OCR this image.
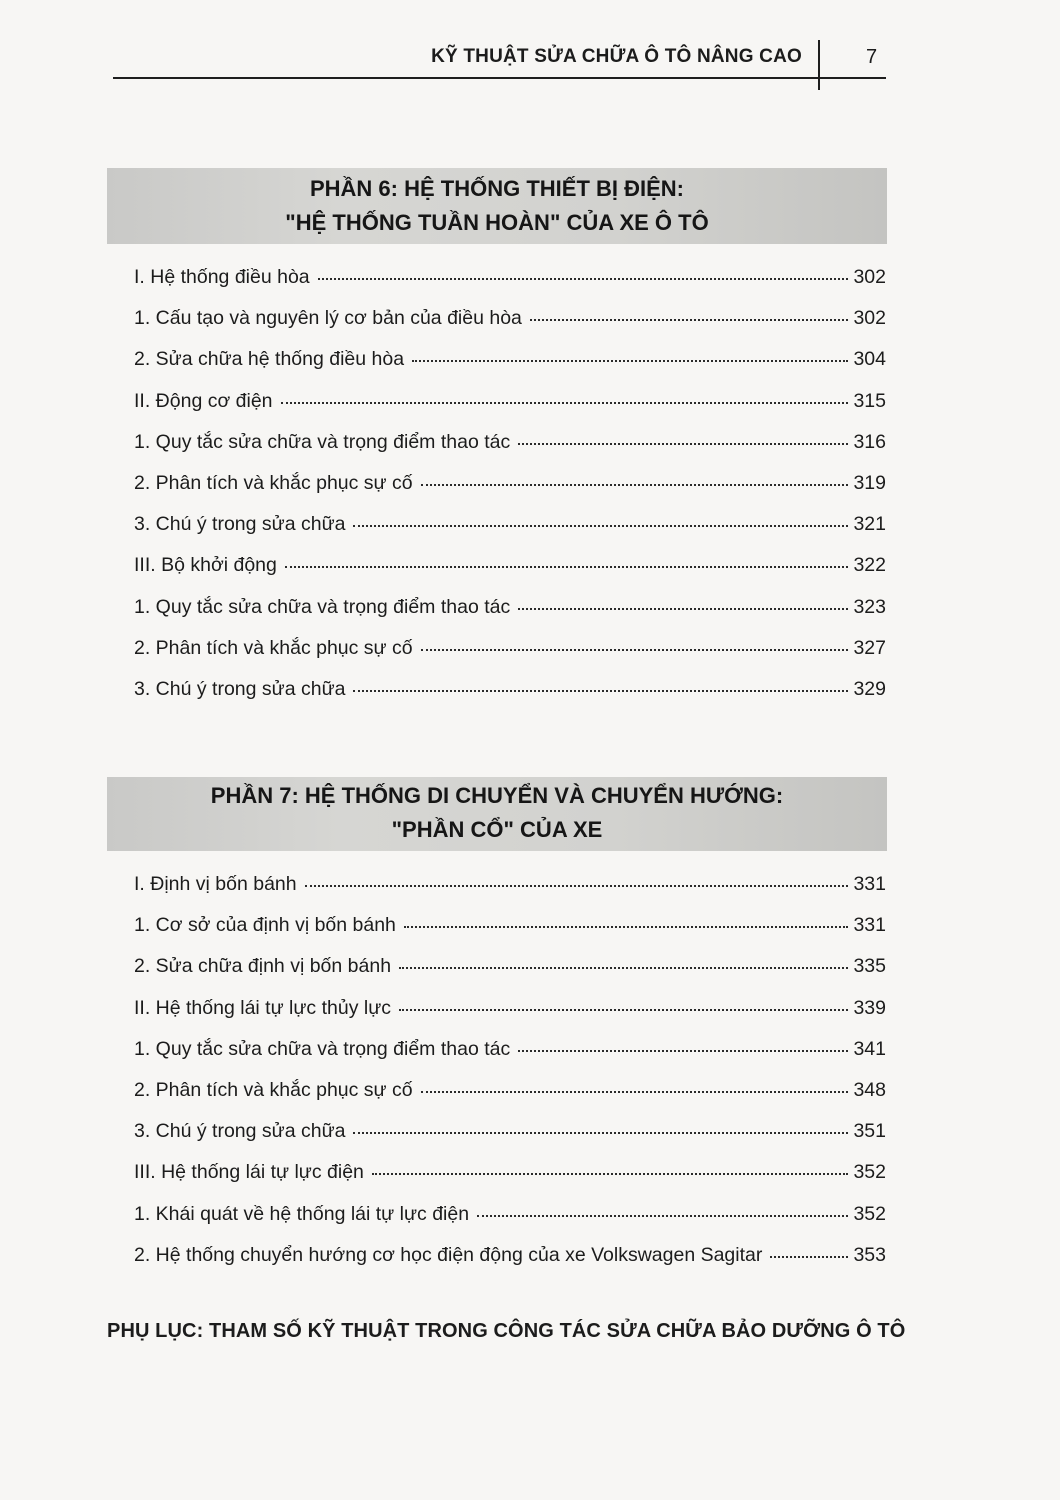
KỸ THUẬT SỬA CHỮA Ô TÔ NÂNG CAO	7
PHẦN 6: HỆ THỐNG THIẾT BỊ ĐIỆN:
"HỆ THỐNG TUẦN HOÀN" CỦA XE Ô TÔ
I. Hệ thống điều hòa	302
1. Cấu tạo và nguyên lý cơ bản của điều hòa	302
2. Sửa chữa hệ thống điều hòa	304
II. Động cơ điện	315
1. Quy tắc sửa chữa và trọng điểm thao tác	316
2. Phân tích và khắc phục sự cố	319
3. Chú ý trong sửa chữa	321
III. Bộ khởi động	322
1. Quy tắc sửa chữa và trọng điểm thao tác	323
2. Phân tích và khắc phục sự cố	327
3. Chú ý trong sửa chữa	329
PHẦN 7: HỆ THỐNG DI CHUYỂN VÀ CHUYỂN HƯỚNG:
"PHẦN CỔ" CỦA XE
I. Định vị bốn bánh	331
1. Cơ sở của định vị bốn bánh	331
2. Sửa chữa định vị bốn bánh	335
II. Hệ thống lái tự lực thủy lực	339
1. Quy tắc sửa chữa và trọng điểm thao tác	341
2. Phân tích và khắc phục sự cố	348
3. Chú ý trong sửa chữa	351
III. Hệ thống lái tự lực điện	352
1. Khái quát về hệ thống lái tự lực điện	352
2. Hệ thống chuyển hướng cơ học điện động của xe Volkswagen Sagitar	353
PHỤ LỤC: THAM SỐ KỸ THUẬT TRONG CÔNG TÁC SỬA CHỮA BẢO DƯỠNG Ô TÔ
